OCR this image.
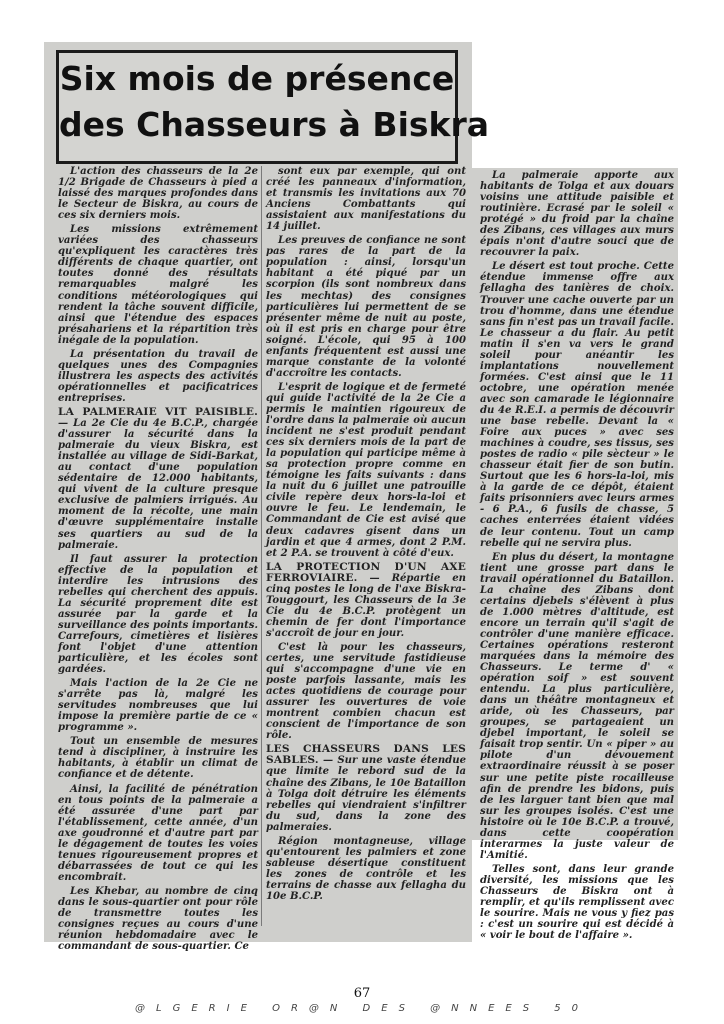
Six mois de présence
des Chasseurs à Biskra

L'action des chasseurs de la 2e 1/2 Brigade de Chasseurs à pied a laissé des marques profondes dans le Secteur de Biskra, au cours de ces six derniers mois.

Les missions extrêmement variées des chasseurs qu'expliquent les caractères très différents de chaque quartier, ont toutes donné des résultats remarquables malgré les conditions météorologiques qui rendent la tâche souvent difficile, ainsi que l'étendue des espaces présahariens et la répartition très inégale de la population.

La présentation du travail de quelques unes des Compagnies illustrera les aspects des activités opérationnelles et pacificatrices entreprises.

LA PALMERAIE VIT PAISIBLE. — La 2e Cie du 4e B.C.P., chargée d'assurer la sécurité dans la palmeraie du vieux Biskra, est installée au village de Sidi-Barkat, au contact d'une population sédentaire de 12.000 habitants, qui vivent de la culture presque exclusive de palmiers irrigués. Au moment de la récolte, une main d'œuvre supplémentaire installe ses quartiers au sud de la palmeraie.

Il faut assurer la protection effective de la population et interdire les intrusions des rebelles qui cherchent des appuis. La sécurité proprement dite est assurée par la garde et la surveillance des points importants. Carrefours, cimetières et lisières font l'objet d'une attention particulière, et les écoles sont gardées.

Mais l'action de la 2e Cie ne s'arrête pas là, malgré les servitudes nombreuses que lui impose la première partie de ce « programme ».

Tout un ensemble de mesures tend à discipliner, à instruire les habitants, à établir un climat de confiance et de détente.

Ainsi, la facilité de pénétration en tous points de la palmeraie a été assurée d'une part par l'établissement, cette année, d'un axe goudronné et d'autre part par le dégagement de toutes les voies tenues rigoureusement propres et débarrassées de tout ce qui les encombrait.

Les Khebar, au nombre de cinq dans le sous-quartier ont pour rôle de transmettre toutes les consignes reçues au cours d'une réunion hebdomadaire avec le commandant de sous-quartier. Ce

sont eux par exemple, qui ont créé les panneaux d'information, et transmis les invitations aux 70 Anciens Combattants qui assistaient aux manifestations du 14 juillet.

Les preuves de confiance ne sont pas rares de la part de la population : ainsi, lorsqu'un habitant a été piqué par un scorpion (ils sont nombreux dans les mechtas) des consignes particulières lui permettent de se présenter même de nuit au poste, où il est pris en charge pour être soigné. L'école, qui 95 à 100 enfants fréquentent est aussi une marque constante de la volonté d'accroître les contacts.

L'esprit de logique et de fermeté qui guide l'activité de la 2e Cie a permis le maintien rigoureux de l'ordre dans la palmeraie où aucun incident ne s'est produit pendant ces six derniers mois de la part de la population qui participe même à sa protection propre comme en témoigne les faits suivants : dans la nuit du 6 juillet une patrouille civile repère deux hors-la-loi et ouvre le feu. Le lendemain, le Commandant de Cie est avisé que deux cadavres gisent dans un jardin et que 4 armes, dont 2 P.M. et 2 P.A. se trouvent à côté d'eux.

LA PROTECTION D'UN AXE FERROVIAIRE. — Répartie en cinq postes le long de l'axe Biskra-Touggourt, les Chasseurs de la 3e Cie du 4e B.C.P. protègent un chemin de fer dont l'importance s'accroît de jour en jour.

C'est là pour les chasseurs, certes, une servitude fastidieuse qui s'accompagne d'une vie en poste parfois lassante, mais les actes quotidiens de courage pour assurer les ouvertures de voie montrent combien chacun est conscient de l'importance de son rôle.

LES CHASSEURS DANS LES SABLES. — Sur une vaste étendue que limite le rebord sud de la chaîne des Zibans, le 10e Bataillon à Tolga doit détruire les éléments rebelles qui viendraient s'infiltrer du sud, dans la zone des palmeraies.

Région montagneuse, village qu'entourent les palmiers et zone sableuse désertique constituent les zones de contrôle et les terrains de chasse aux fellagha du 10e B.C.P.

La palmeraie apporte aux habitants de Tolga et aux douars voisins une attitude paisible et routinière. Ecrasé par le soleil « protégé » du froid par la chaîne des Zibans, ces villages aux murs épais n'ont d'autre souci que de recouvrer la paix.

Le désert est tout proche. Cette étendue immense offre aux fellagha des tanières de choix. Trouver une cache ouverte par un trou d'homme, dans une étendue sans fin n'est pas un travail facile. Le chasseur a du flair. Au petit matin il s'en va vers le grand soleil pour anéantir les implantations nouvellement formées. C'est ainsi que le 11 octobre, une opération menée avec son camarade le légionnaire du 4e R.E.I. a permis de découvrir une base rebelle. Devant la « Foire aux puces » avec ses machines à coudre, ses tissus, ses postes de radio « pile sècteur » le chasseur était fier de son butin. Surtout que les 6 hors-la-loi, mis à la garde de ce dépôt, étaient faits prisonniers avec leurs armes - 6 P.A., 6 fusils de chasse, 5 caches enterrées étaient vidées de leur contenu. Tout un camp rebelle qui ne servira plus.

En plus du désert, la montagne tient une grosse part dans le travail opérationnel du Bataillon. La chaîne des Zibans dont certains djebels s'élèvent à plus de 1.000 mètres d'altitude, est encore un terrain qu'il s'agit de contrôler d'une manière efficace. Certaines opérations resteront marquées dans la mémoire des Chasseurs. Le terme d' « opération soif » est souvent entendu. La plus particulière, dans un théâtre montagneux et aride, où les Chasseurs, par groupes, se partageaient un djebel important, le soleil se faisait trop sentir. Un « piper » au pilote d'un dévouement extraordinaire réussit à se poser sur une petite piste rocailleuse afin de prendre les bidons, puis de les larguer tant bien que mal sur les groupes isolés. C'est une histoire où le 10e B.C.P. a trouvé, dans cette coopération interarmes la juste valeur de l'Amitié.

Telles sont, dans leur grande diversité, les missions que les Chasseurs de Biskra ont à remplir, et qu'ils remplissent avec le sourire. Mais ne vous y fiez pas : c'est un sourire qui est décidé à « voir le bout de l'affaire ».

67
@LGERIE OR@N DES @NNEES 50
